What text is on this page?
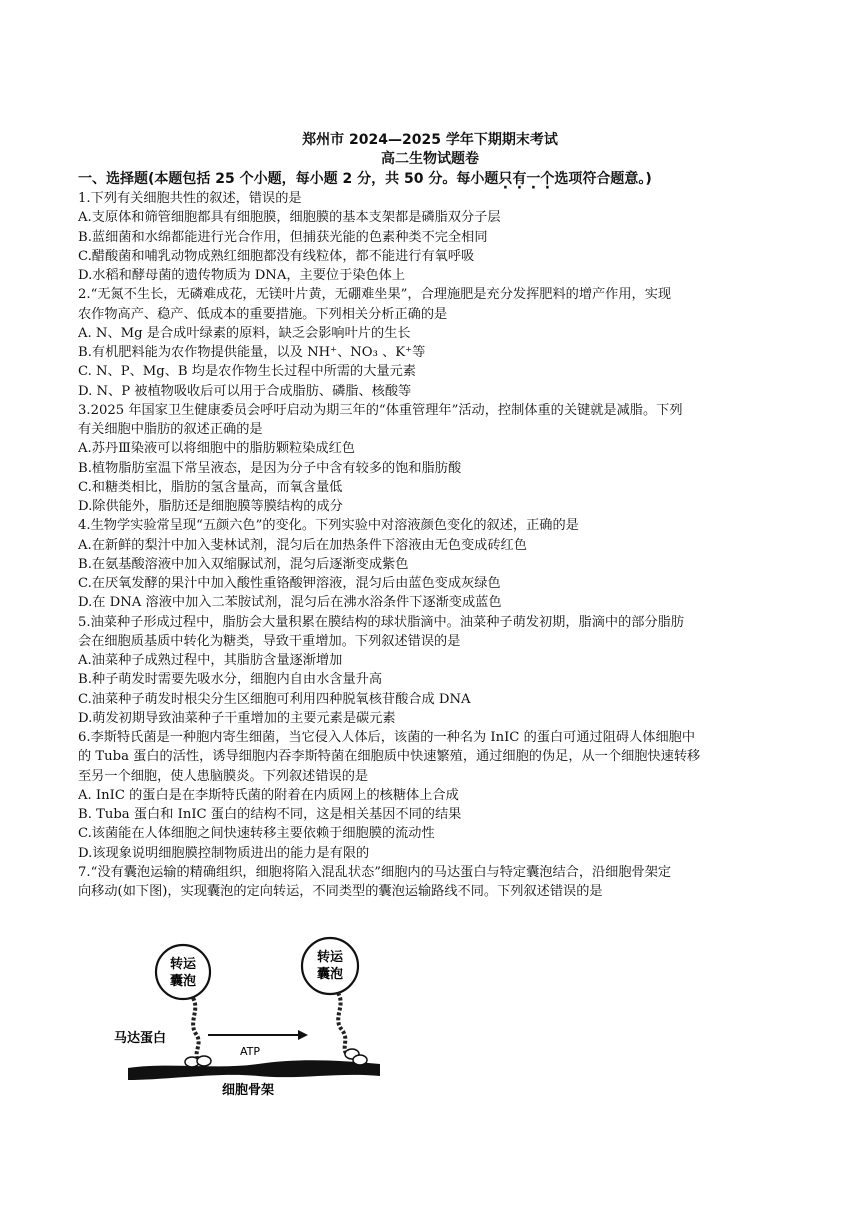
郑州市 2024—2025 学年下期期末考试
高二生物试题卷
一、选择题(本题包括 25 个小题，每小题 2 分，共 50 分。每小题只有一个选项符合题意。)
1.下列有关细胞共性的叙述，错误的是
A.支原体和筛管细胞都具有细胞膜，细胞膜的基本支架都是磷脂双分子层
B.蓝细菌和水绵都能进行光合作用，但捕获光能的色素种类不完全相同
C.醋酸菌和哺乳动物成熟红细胞都没有线粒体，都不能进行有氧呼吸
D.水稻和酵母菌的遗传物质为 DNA，主要位于染色体上
2.“无氮不生长，无磷难成花，无镁叶片黄，无硼难坐果”，合理施肥是充分发挥肥料的增产作用，实现
农作物高产、稳产、低成本的重要措施。下列相关分析正确的是
A. N、Mg 是合成叶绿素的原料，缺乏会影响叶片的生长
B.有机肥料能为农作物提供能量，以及 NH⁺、NO₃ 、K⁺等
C. N、P、Mg、B 均是农作物生长过程中所需的大量元素
D. N、P 被植物吸收后可以用于合成脂肪、磷脂、核酸等
3.2025 年国家卫生健康委员会呼吁启动为期三年的“体重管理年”活动，控制体重的关键就是减脂。下列
有关细胞中脂肪的叙述正确的是
A.苏丹Ⅲ染液可以将细胞中的脂肪颗粒染成红色
B.植物脂肪室温下常呈液态，是因为分子中含有较多的饱和脂肪酸
C.和糖类相比，脂肪的氢含量高，而氧含量低
D.除供能外，脂肪还是细胞膜等膜结构的成分
4.生物学实验常呈现“五颜六色”的变化。下列实验中对溶液颜色变化的叙述，正确的是
A.在新鲜的梨汁中加入斐林试剂，混匀后在加热条件下溶液由无色变成砖红色
B.在氨基酸溶液中加入双缩脲试剂，混匀后逐渐变成紫色
C.在厌氧发酵的果汁中加入酸性重铬酸钾溶液，混匀后由蓝色变成灰绿色
D.在 DNA 溶液中加入二苯胺试剂，混匀后在沸水浴条件下逐渐变成蓝色
5.油菜种子形成过程中，脂肪会大量积累在膜结构的球状脂滴中。油菜种子萌发初期，脂滴中的部分脂肪
会在细胞质基质中转化为糖类，导致干重增加。下列叙述错误的是
A.油菜种子成熟过程中，其脂肪含量逐渐增加
B.种子萌发时需要先吸水分，细胞内自由水含量升高
C.油菜种子萌发时根尖分生区细胞可利用四种脱氧核苷酸合成 DNA
D.萌发初期导致油菜种子干重增加的主要元素是碳元素
6.李斯特氏菌是一种胞内寄生细菌，当它侵入人体后，该菌的一种名为 InIC 的蛋白可通过阻碍人体细胞中
的 Tuba 蛋白的活性，诱导细胞内吞李斯特菌在细胞质中快速繁殖，通过细胞的伪足，从一个细胞快速转移
至另一个细胞，使人患脑膜炎。下列叙述错误的是
A. InIC 的蛋白是在李斯特氏菌的附着在内质网上的核糖体上合成
B. Tuba 蛋白和 InIC 蛋白的结构不同，这是相关基因不同的结果
C.该菌能在人体细胞之间快速转移主要依赖于细胞膜的流动性
D.该现象说明细胞膜控制物质进出的能力是有限的
7.“没有囊泡运输的精确组织，细胞将陷入混乱状态”细胞内的马达蛋白与特定囊泡结合，沿细胞骨架定
向移动(如下图)，实现囊泡的定向转运，不同类型的囊泡运输路线不同。下列叙述错误的是
转运
囊泡
转运
囊泡
ATP
马达蛋白
细胞骨架
